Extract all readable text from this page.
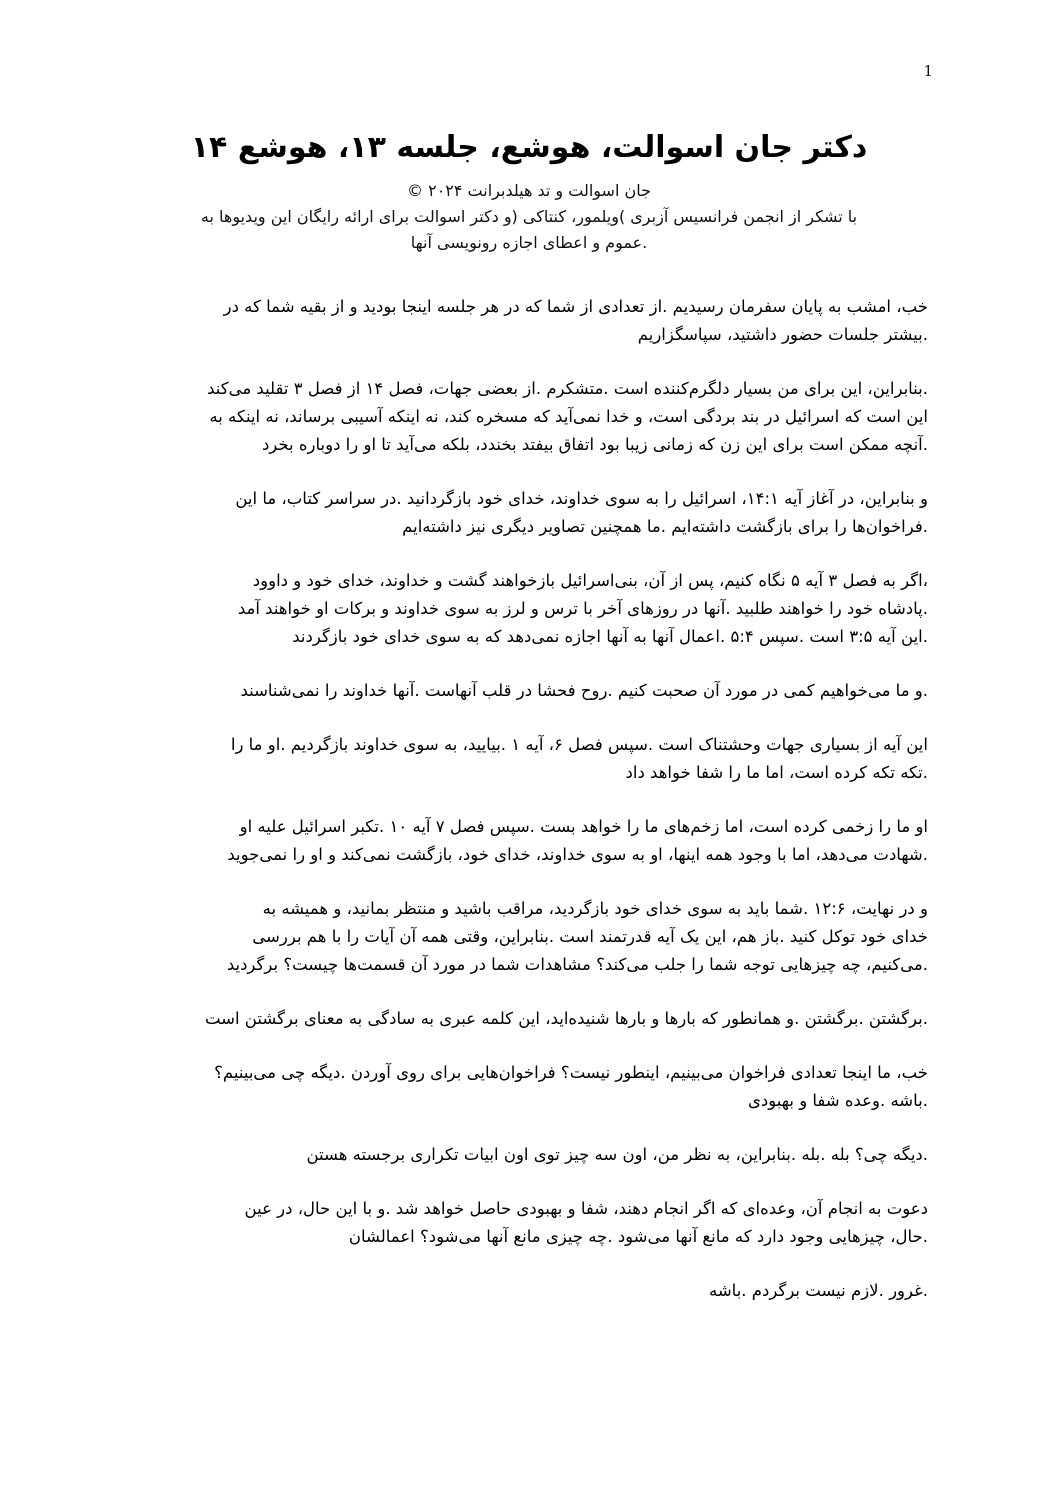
1
دکتر جان اسوالت، هوشع، جلسه ۱۳، هوشع ۱۴
جان اسوالت و تد هیلدبرانت ۲۰۲۴ ©
با تشکر از انجمن فرانسیس آزبری )ویلمور، کنتاکی (و دکتر اسوالت برای ارائه رایگان این ویدیوها به
.عموم و اعطای اجازه رونویسی آنها

خب، امشب به پایان سفرمان رسیدیم .از تعدادی از شما که در هر جلسه اینجا بودید و از بقیه شما که در
.بیشتر جلسات حضور داشتید، سپاسگزاریم

.بنابراین، این برای من بسیار دلگرم‌کننده است .متشکرم .از بعضی جهات، فصل ۱۴ از فصل ۳ تقلید می‌کند
این است که اسرائیل در بند بردگی است، و خدا نمی‌آید که مسخره کند، نه اینکه آسیبی برساند، نه اینکه به
.آنچه ممکن است برای این زن که زمانی زیبا بود اتفاق بیفتد بخندد، بلکه می‌آید تا او را دوباره بخرد

و بنابراین، در آغاز آیه ۱۴:۱، اسرائیل را به سوی خداوند، خدای خود بازگردانید .در سراسر کتاب، ما این
.فراخوان‌ها را برای بازگشت داشته‌ایم .ما همچنین تصاویر دیگری نیز داشته‌ایم

،اگر به فصل ۳ آیه ۵ نگاه کنیم، پس از آن، بنی‌اسرائیل بازخواهند گشت و خداوند، خدای خود و داوود
.پادشاه خود را خواهند طلبید .آنها در روزهای آخر با ترس و لرز به سوی خداوند و برکات او خواهند آمد
.این آیه ۳:۵ است .سپس ۵:۴ .اعمال آنها به آنها اجازه نمی‌دهد که به سوی خدای خود بازگردند

.و ما می‌خواهیم کمی در مورد آن صحبت کنیم .روح فحشا در قلب آنهاست .آنها خداوند را نمی‌شناسند

این آیه از بسیاری جهات وحشتناک است .سپس فصل ۶، آیه ۱ .بیایید، به سوی خداوند بازگردیم .او ما را
.تکه تکه کرده است، اما ما را شفا خواهد داد

او ما را زخمی کرده است، اما زخم‌های ما را خواهد بست .سپس فصل ۷ آیه ۱۰ .تکبر اسرائیل علیه او
.شهادت می‌دهد، اما با وجود همه اینها، او به سوی خداوند، خدای خود، بازگشت نمی‌کند و او را نمی‌جوید

و در نهایت، ۱۲:۶ .شما باید به سوی خدای خود بازگردید، مراقب باشید و منتظر بمانید، و همیشه به
خدای خود توکل کنید .باز هم، این یک آیه قدرتمند است .بنابراین، وقتی همه آن آیات را با هم بررسی
.می‌کنیم، چه چیزهایی توجه شما را جلب می‌کند؟ مشاهدات شما در مورد آن قسمت‌ها چیست؟ برگردید

.برگشتن .برگشتن .و همانطور که بارها و بارها شنیده‌اید، این کلمه عبری به سادگی به معنای برگشتن است

خب، ما اینجا تعدادی فراخوان می‌بینیم، اینطور نیست؟ فراخوان‌هایی برای روی آوردن .دیگه چی می‌بینیم؟
.باشه .وعده شفا و بهبودی

.دیگه چی؟ بله .بله .بنابراین، به نظر من، اون سه چیز توی اون ابیات تکراری برجسته هستن

دعوت به انجام آن، وعده‌ای که اگر انجام دهند، شفا و بهبودی حاصل خواهد شد .و با این حال، در عین
.حال، چیزهایی وجود دارد که مانع آنها می‌شود .چه چیزی مانع آنها می‌شود؟ اعمالشان

.غرور .لازم نیست برگردم .باشه
